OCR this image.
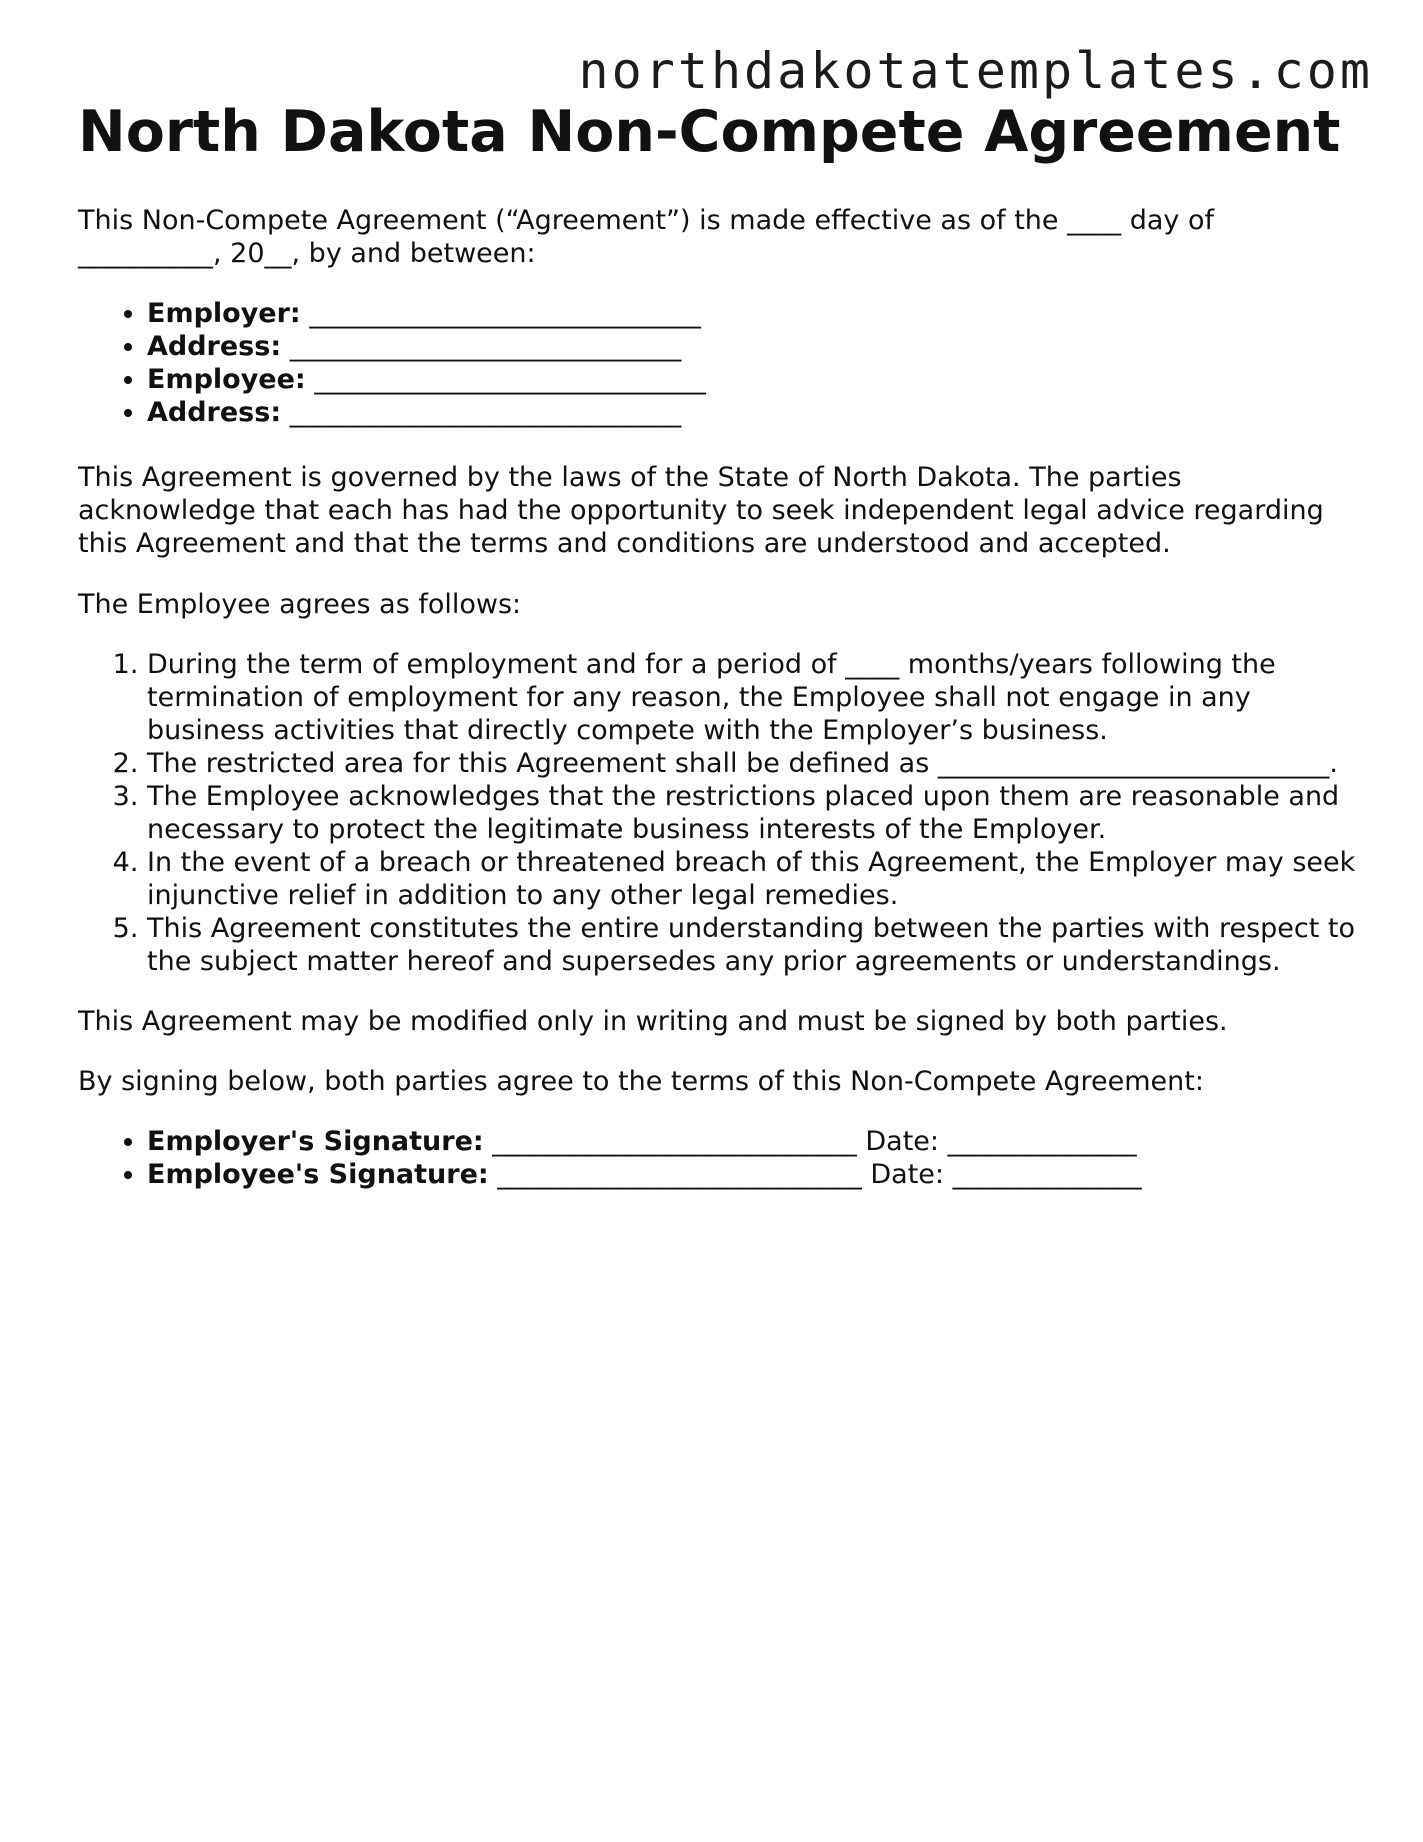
northdakotatemplates.com
North Dakota Non-Compete Agreement

This Non-Compete Agreement (“Agreement”) is made effective as of the ____ day of __________, 20__, by and between:

• Employer: _____________________________
• Address: _____________________________
• Employee: _____________________________
• Address: _____________________________

This Agreement is governed by the laws of the State of North Dakota. The parties acknowledge that each has had the opportunity to seek independent legal advice regarding this Agreement and that the terms and conditions are understood and accepted.

The Employee agrees as follows:

1. During the term of employment and for a period of ____ months/years following the termination of employment for any reason, the Employee shall not engage in any business activities that directly compete with the Employer’s business.
2. The restricted area for this Agreement shall be defined as _____________________________.
3. The Employee acknowledges that the restrictions placed upon them are reasonable and necessary to protect the legitimate business interests of the Employer.
4. In the event of a breach or threatened breach of this Agreement, the Employer may seek injunctive relief in addition to any other legal remedies.
5. This Agreement constitutes the entire understanding between the parties with respect to the subject matter hereof and supersedes any prior agreements or understandings.

This Agreement may be modified only in writing and must be signed by both parties.

By signing below, both parties agree to the terms of this Non-Compete Agreement:

• Employer's Signature: ___________________________ Date: ______________
• Employee's Signature: ___________________________ Date: ______________
